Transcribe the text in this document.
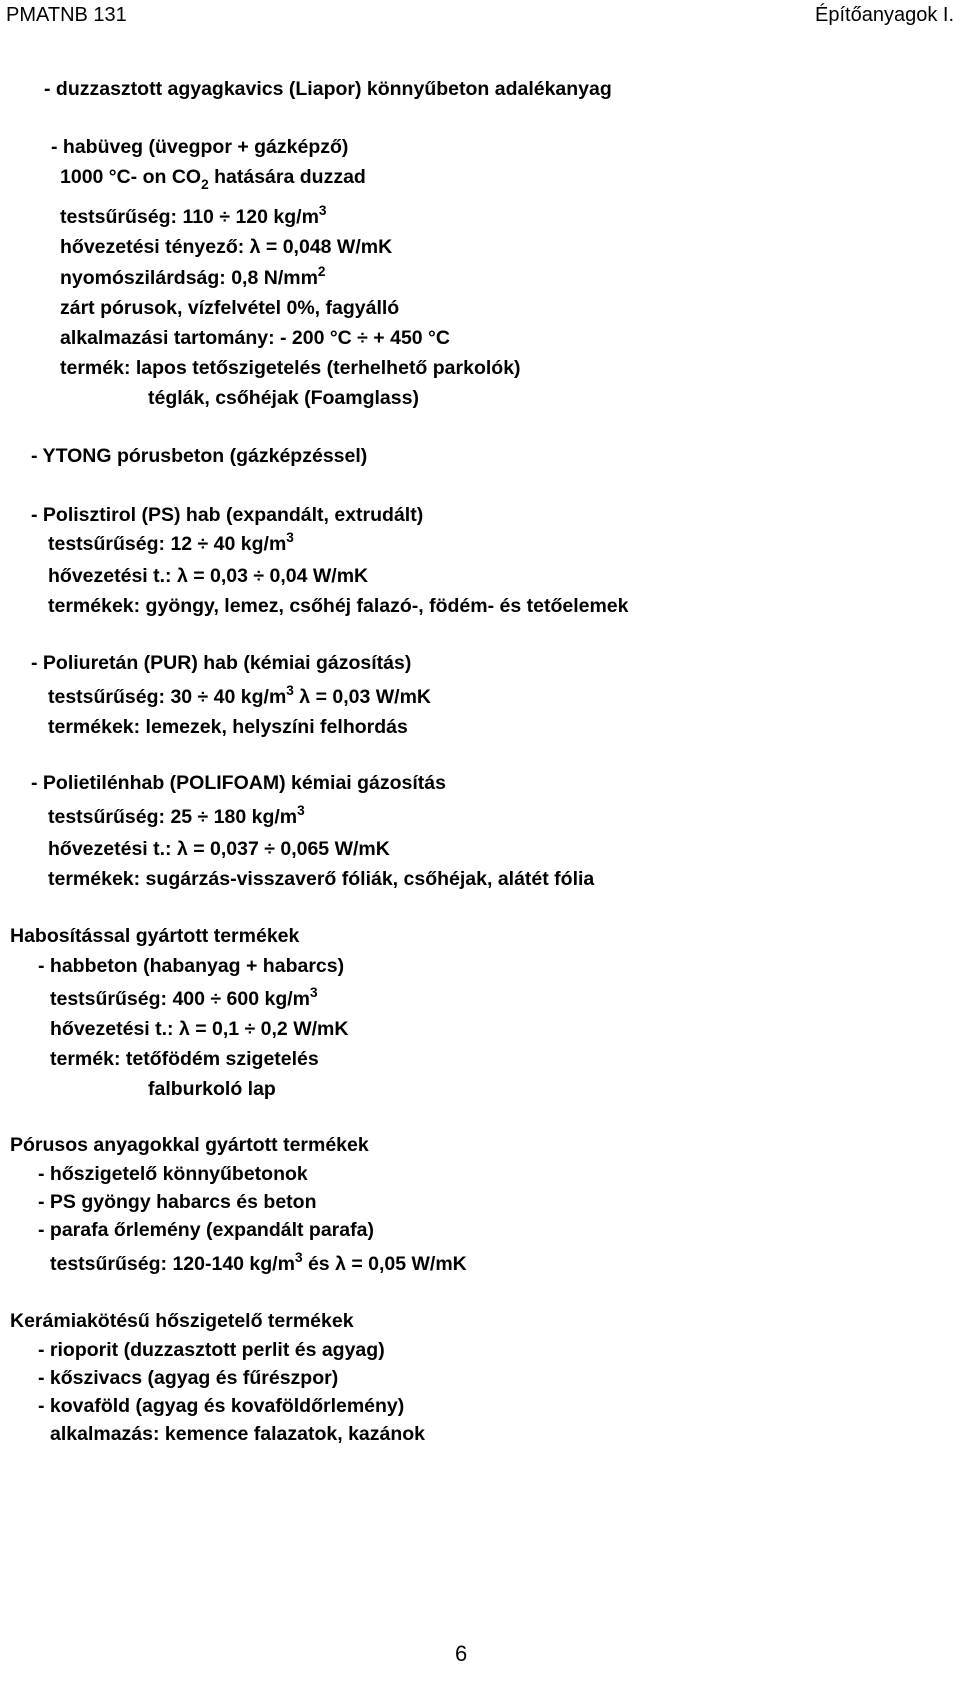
PMATNB 131	Építőanyagok I.
- duzzasztott agyagkavics (Liapor) könnyűbeton adalékanyag
- habüveg (üvegpor + gázképző)
1000 °C- on $CO_2$ hatására duzzad
testsűrűség: 110 ÷ 120 $kg/m^3$
hővezetési tényező: λ = 0,048 W/mK
nyomószilárdság: 0,8 $N/mm^2$
zárt pórusok, vízfelvétel 0%, fagyálló
alkalmazási tartomány: - 200 °C ÷ + 450 °C
termék: lapos tetőszigetelés (terhelhető parkolók)
téglák, csőhéjak (Foamglass)
- YTONG pórusbeton (gázképzéssel)
- Polisztirol (PS) hab (expandált, extrudált)
testsűrűség: 12 ÷ 40 $kg/m^3$
hővezetési t.: λ = 0,03 ÷ 0,04 W/mK
termékek: gyöngy, lemez, csőhéj falazó-, födém- és tetőelemek
- Poliuretán (PUR) hab (kémiai gázosítás)
testsűrűség: 30 ÷ 40 $kg/m^3$ λ = 0,03 W/mK
termékek: lemezek, helyszíni felhordás
- Polietilénhab (POLIFOAM) kémiai gázosítás
testsűrűség: 25 ÷ 180 $kg/m^3$
hővezetési t.: λ = 0,037 ÷ 0,065 W/mK
termékek: sugárzás-visszaverő fóliák, csőhéjak, alátét fólia
Habosítással gyártott termékek
- habbeton (habanyag + habarcs)
testsűrűség: 400 ÷ 600 $kg/m^3$
hővezetési t.: λ = 0,1 ÷ 0,2 W/mK
termék: tetőfödém szigetelés
falburkoló lap
Pórusos anyagokkal gyártott termékek
- hőszigetelő könnyűbetonok
- PS gyöngy habarcs és beton
- parafa őrlemény (expandált parafa)
testsűrűség: 120-140 $kg/m^3$ és λ = 0,05 W/mK
Kerámiakötésű hőszigetelő termékek
- rioporit (duzzasztott perlit és agyag)
- kőszivacs (agyag és fűrészpor)
- kovaföld (agyag és kovaföldőrlemény)
alkalmazás: kemence falazatok, kazánok
6
